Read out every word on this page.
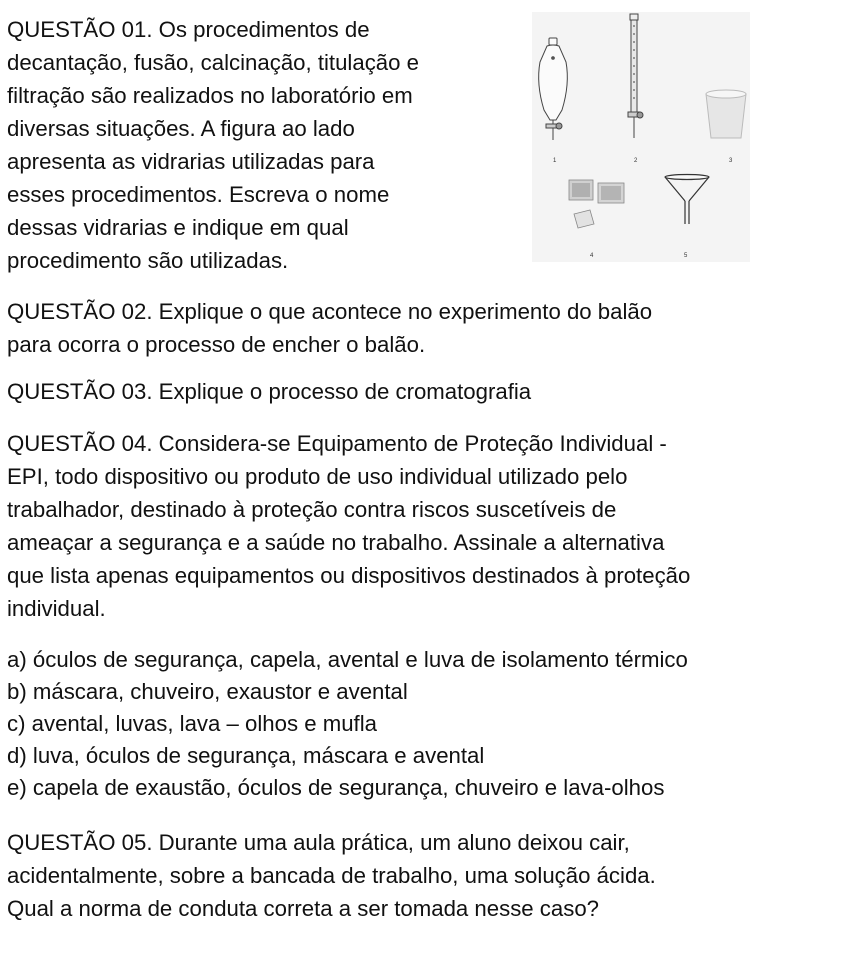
QUESTÃO 01. Os procedimentos de
decantação, fusão, calcinação, titulação e
filtração são realizados no laboratório em
diversas situações. A figura ao lado
apresenta as vidrarias utilizadas para
esses procedimentos. Escreva o nome
dessas vidrarias e indique em qual
procedimento são utilizadas.
1	2	3
4	5
QUESTÃO 02. Explique o que acontece no experimento do balão
para ocorra o processo de encher o balão.
QUESTÃO 03. Explique o processo de cromatografia
QUESTÃO 04. Considera-se Equipamento de Proteção Individual -
EPI, todo dispositivo ou produto de uso individual utilizado pelo
trabalhador, destinado à proteção contra riscos suscetíveis de
ameaçar a segurança e a saúde no trabalho. Assinale a alternativa
que lista apenas equipamentos ou dispositivos destinados à proteção
individual.
a) óculos de segurança, capela, avental e luva de isolamento térmico
b) máscara, chuveiro, exaustor e avental
c) avental, luvas, lava – olhos e mufla
d) luva, óculos de segurança, máscara e avental
e) capela de exaustão, óculos de segurança, chuveiro e lava-olhos
QUESTÃO 05. Durante uma aula prática, um aluno deixou cair,
acidentalmente, sobre a bancada de trabalho, uma solução ácida.
Qual a norma de conduta correta a ser tomada nesse caso?
